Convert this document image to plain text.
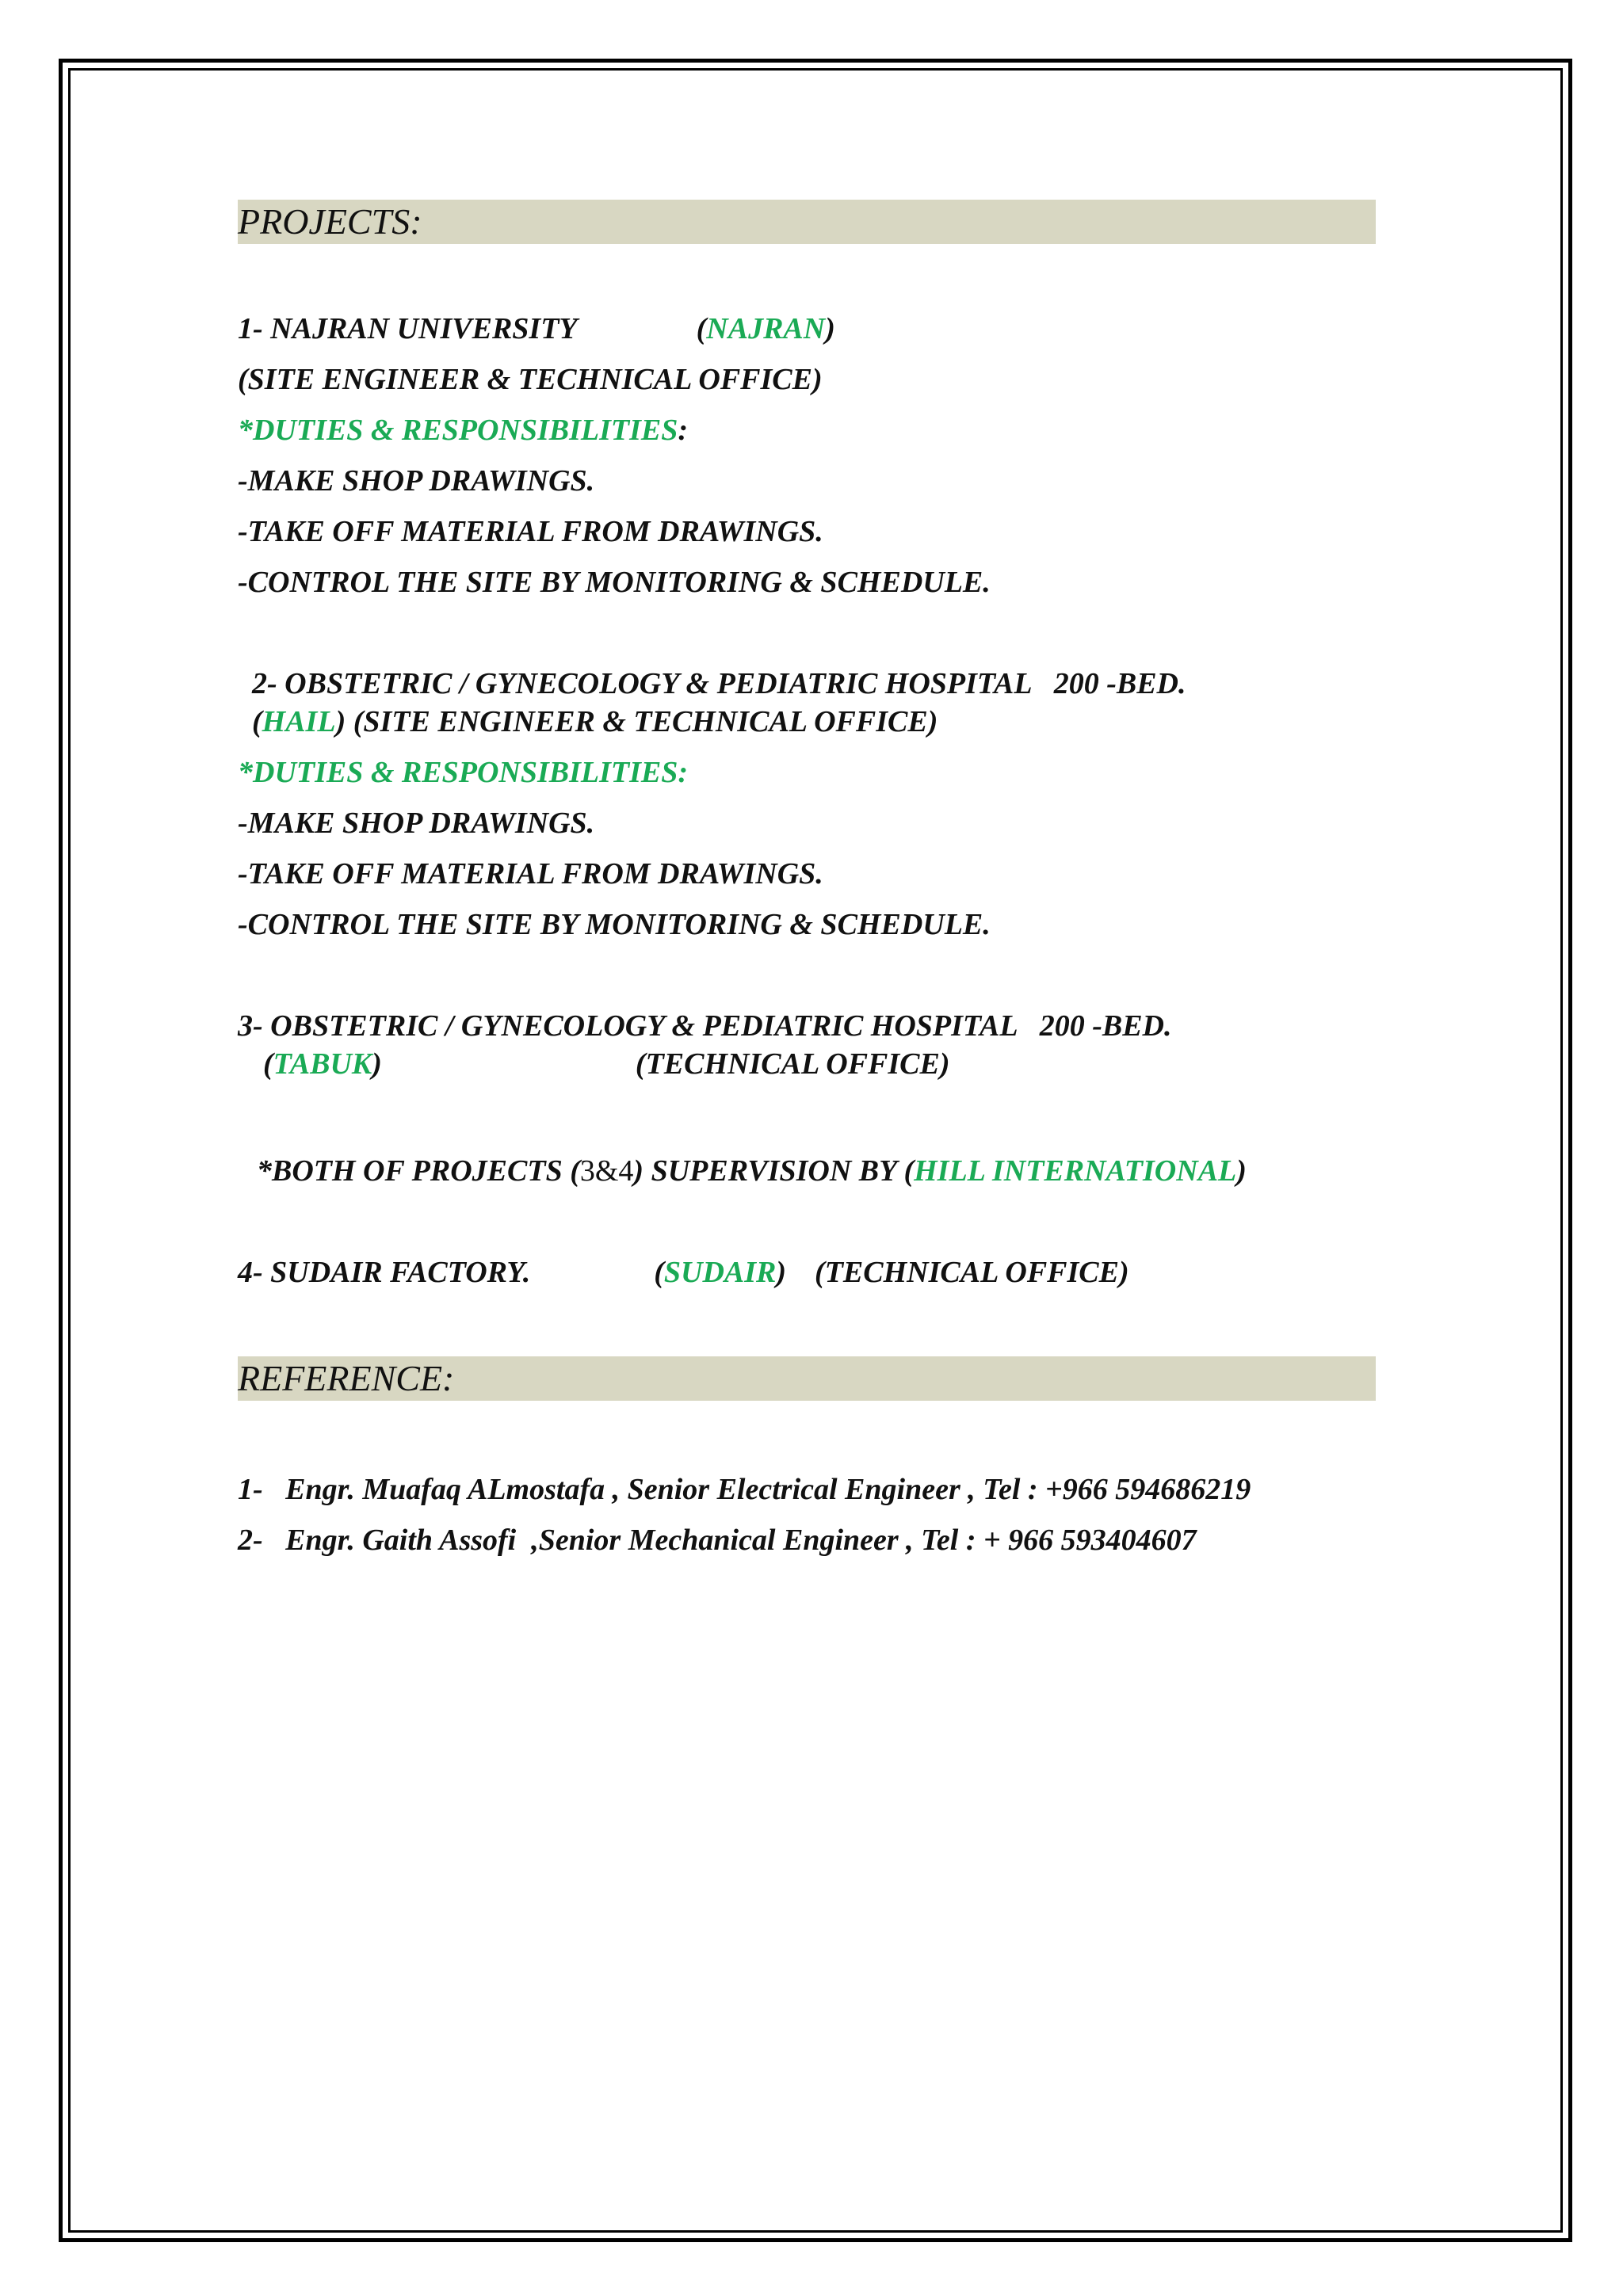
PROJECTS:
1- NAJRAN UNIVERSITY	(NAJRAN)
(SITE ENGINEER & TECHNICAL OFFICE)
*DUTIES & RESPONSIBILITIES:
-MAKE SHOP DRAWINGS.
-TAKE OFF MATERIAL FROM DRAWINGS.
-CONTROL THE SITE BY MONITORING & SCHEDULE.
2- OBSTETRIC / GYNECOLOGY & PEDIATRIC HOSPITAL   200 -BED.
(HAIL) (SITE ENGINEER & TECHNICAL OFFICE)
*DUTIES & RESPONSIBILITIES:
-MAKE SHOP DRAWINGS.
-TAKE OFF MATERIAL FROM DRAWINGS.
-CONTROL THE SITE BY MONITORING & SCHEDULE.
3- OBSTETRIC / GYNECOLOGY & PEDIATRIC HOSPITAL   200 -BED.
(TABUK)	(TECHNICAL OFFICE)
*BOTH OF PROJECTS (3&4) SUPERVISION BY (HILL INTERNATIONAL)
4- SUDAIR FACTORY.	(SUDAIR) (TECHNICAL OFFICE)
REFERENCE:
1-   Engr. Muafaq ALmostafa , Senior Electrical Engineer , Tel : +966 594686219
2-   Engr. Gaith Assofi  ,Senior Mechanical Engineer , Tel : + 966 593404607
